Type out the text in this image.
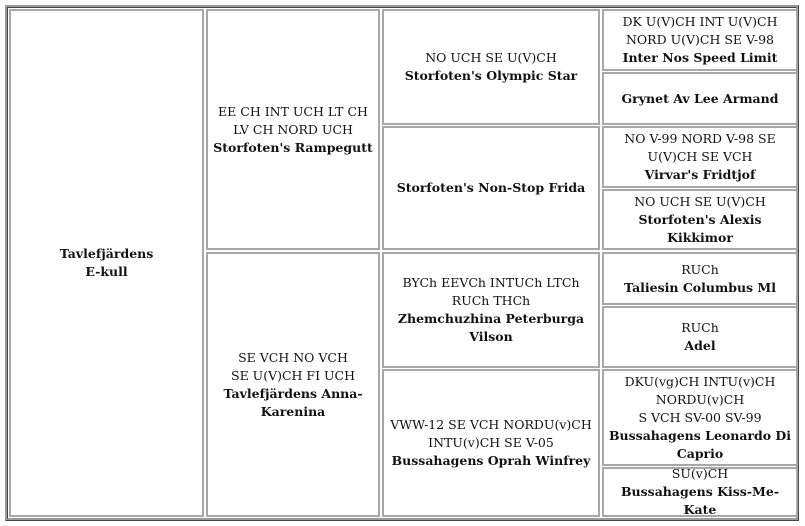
Tavlefjärdens
E-kull
EE CH INT UCH LT CH
LV CH NORD UCH
Storfoten's Rampegutt
SE VCH NO VCH
SE U(V)CH FI UCH
Tavlefjärdens Anna-
Karenina
NO UCH SE U(V)CH
Storfoten's Olympic Star
Storfoten's Non-Stop Frida
BYCh EEVCh INTUCh LTCh
RUCh THCh
Zhemchuzhina Peterburga
Vilson
VWW-12 SE VCH NORDU(v)CH
INTU(v)CH SE V-05
Bussahagens Oprah Winfrey
DK U(V)CH INT U(V)CH
NORD U(V)CH SE V-98
Inter Nos Speed Limit
Grynet Av Lee Armand
NO V-99 NORD V-98 SE
U(V)CH SE VCH
Virvar's Fridtjof
NO UCH SE U(V)CH
Storfoten's Alexis
Kikkimor
RUCh
Taliesin Columbus Ml
RUCh
Adel
DKU(vg)CH INTU(v)CH
NORDU(v)CH
S VCH SV-00 SV-99
Bussahagens Leonardo Di
Caprio
SU(v)CH
Bussahagens Kiss-Me-Kate
